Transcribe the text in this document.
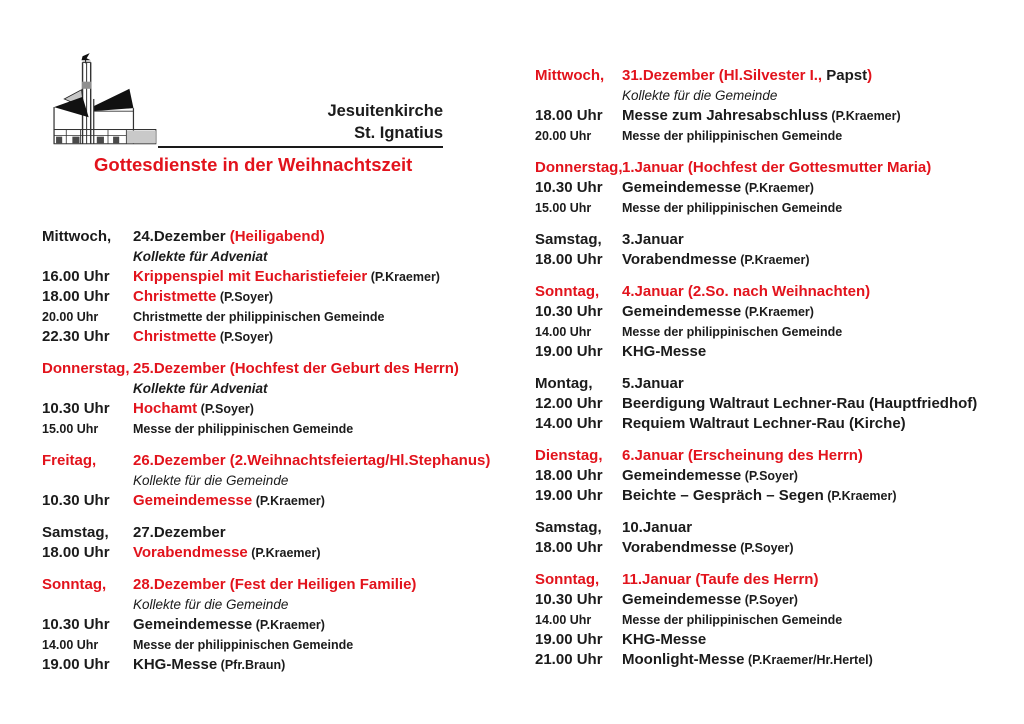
Jesuitenkirche
St. Ignatius
Gottesdienste in der Weihnachtszeit
Mittwoch,	24.Dezember (Heiligabend)
Kollekte für Adveniat
16.00 Uhr	Krippenspiel mit Eucharistiefeier (P.Kraemer)
18.00 Uhr	Christmette (P.Soyer)
20.00 Uhr	Christmette der philippinischen Gemeinde
22.30 Uhr	Christmette (P.Soyer)
Donnerstag, 25.Dezember (Hochfest der Geburt des Herrn)
Kollekte für Adveniat
10.30 Uhr	Hochamt (P.Soyer)
15.00 Uhr	Messe der philippinischen Gemeinde
Freitag,	26.Dezember (2.Weihnachtsfeiertag/Hl.Stephanus)
Kollekte für die Gemeinde
10.30 Uhr	Gemeindemesse (P.Kraemer)
Samstag,	27.Dezember
18.00 Uhr	Vorabendmesse (P.Kraemer)
Sonntag,	28.Dezember (Fest der Heiligen Familie)
Kollekte für die Gemeinde
10.30 Uhr	Gemeindemesse (P.Kraemer)
14.00 Uhr	Messe der philippinischen Gemeinde
19.00 Uhr	KHG-Messe (Pfr.Braun)
Mittwoch,	31.Dezember (Hl.Silvester I., Papst)
Kollekte für die Gemeinde
18.00 Uhr	Messe zum Jahresabschluss (P.Kraemer)
20.00 Uhr	Messe der philippinischen Gemeinde
Donnerstag, 1.Januar (Hochfest der Gottesmutter Maria)
10.30 Uhr	Gemeindemesse (P.Kraemer)
15.00 Uhr	Messe der philippinischen Gemeinde
Samstag,	3.Januar
18.00 Uhr	Vorabendmesse (P.Kraemer)
Sonntag,	4.Januar (2.So. nach Weihnachten)
10.30 Uhr	Gemeindemesse (P.Kraemer)
14.00 Uhr	Messe der philippinischen Gemeinde
19.00 Uhr	KHG-Messe
Montag,	5.Januar
12.00 Uhr	Beerdigung Waltraut Lechner-Rau (Hauptfriedhof)
14.00 Uhr	Requiem Waltraut Lechner-Rau (Kirche)
Dienstag,	6.Januar (Erscheinung des Herrn)
18.00 Uhr	Gemeindemesse (P.Soyer)
19.00 Uhr	Beichte – Gespräch – Segen (P.Kraemer)
Samstag,	10.Januar
18.00 Uhr	Vorabendmesse (P.Soyer)
Sonntag,	11.Januar (Taufe des Herrn)
10.30 Uhr	Gemeindemesse (P.Soyer)
14.00 Uhr	Messe der philippinischen Gemeinde
19.00 Uhr	KHG-Messe
21.00 Uhr	Moonlight-Messe (P.Kraemer/Hr.Hertel)
